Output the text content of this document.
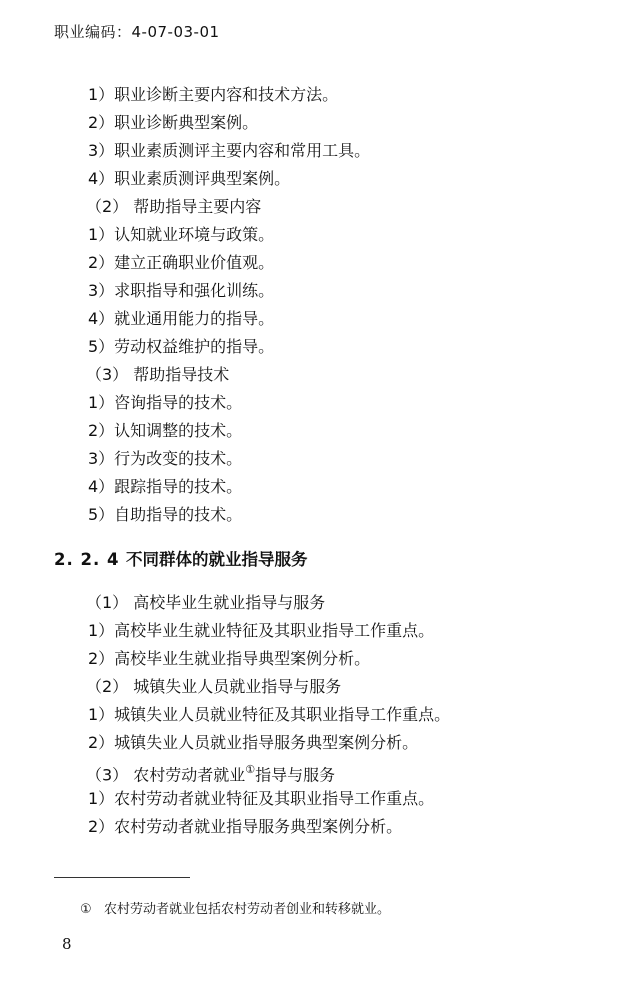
职业编码：4-07-03-01
1）职业诊断主要内容和技术方法。
2）职业诊断典型案例。
3）职业素质测评主要内容和常用工具。
4）职业素质测评典型案例。
（2） 帮助指导主要内容
1）认知就业环境与政策。
2）建立正确职业价值观。
3）求职指导和强化训练。
4）就业通用能力的指导。
5）劳动权益维护的指导。
（3） 帮助指导技术
1）咨询指导的技术。
2）认知调整的技术。
3）行为改变的技术。
4）跟踪指导的技术。
5）自助指导的技术。
2. 2. 4 不同群体的就业指导服务
（1） 高校毕业生就业指导与服务
1）高校毕业生就业特征及其职业指导工作重点。
2）高校毕业生就业指导典型案例分析。
（2） 城镇失业人员就业指导与服务
1）城镇失业人员就业特征及其职业指导工作重点。
2）城镇失业人员就业指导服务典型案例分析。
（3） 农村劳动者就业①指导与服务
1）农村劳动者就业特征及其职业指导工作重点。
2）农村劳动者就业指导服务典型案例分析。
① 农村劳动者就业包括农村劳动者创业和转移就业。
8
